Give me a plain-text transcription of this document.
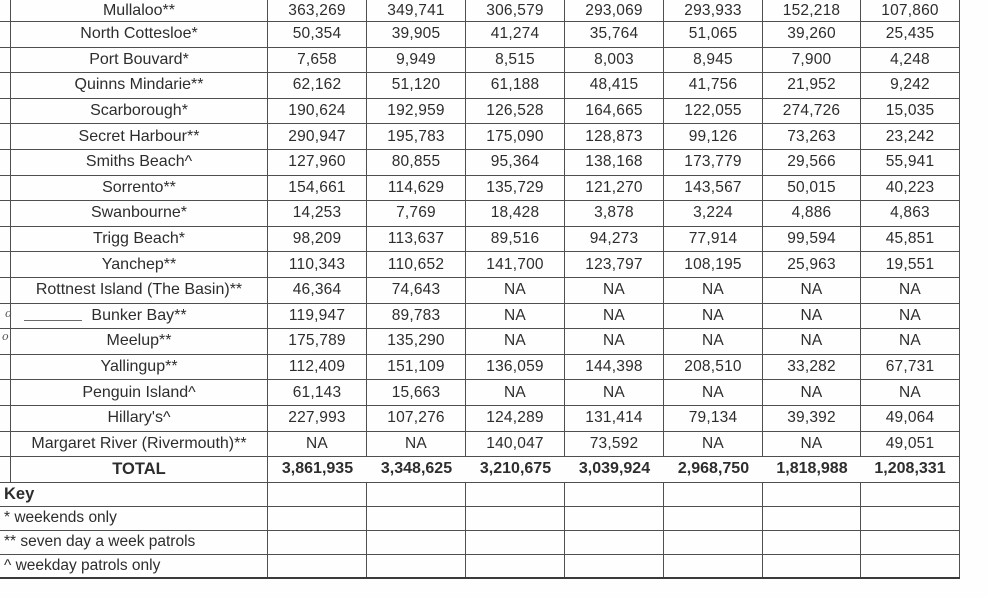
Mullaloo**	363,269	349,741	306,579	293,069	293,933	152,218	107,860
North Cottesloe*	50,354	39,905	41,274	35,764	51,065	39,260	25,435
Port Bouvard*	7,658	9,949	8,515	8,003	8,945	7,900	4,248
Quinns Mindarie**	62,162	51,120	61,188	48,415	41,756	21,952	9,242
Scarborough*	190,624	192,959	126,528	164,665	122,055	274,726	15,035
Secret Harbour**	290,947	195,783	175,090	128,873	99,126	73,263	23,242
Smiths Beach^	127,960	80,855	95,364	138,168	173,779	29,566	55,941
Sorrento**	154,661	114,629	135,729	121,270	143,567	50,015	40,223
Swanbourne*	14,253	7,769	18,428	3,878	3,224	4,886	4,863
Trigg Beach*	98,209	113,637	89,516	94,273	77,914	99,594	45,851
Yanchep**	110,343	110,652	141,700	123,797	108,195	25,963	19,551
Rottnest Island (The Basin)**	46,364	74,643	NA	NA	NA	NA	NA
Bunker Bay**	119,947	89,783	NA	NA	NA	NA	NA
Meelup**	175,789	135,290	NA	NA	NA	NA	NA
Yallingup**	112,409	151,109	136,059	144,398	208,510	33,282	67,731
Penguin Island^	61,143	15,663	NA	NA	NA	NA	NA
Hillary's^	227,993	107,276	124,289	131,414	79,134	39,392	49,064
Margaret River (Rivermouth)**	NA	NA	140,047	73,592	NA	NA	49,051
TOTAL	3,861,935	3,348,625	3,210,675	3,039,924	2,968,750	1,818,988	1,208,331
Key
* weekends only
** seven day a week patrols
^ weekday patrols only
o
o
